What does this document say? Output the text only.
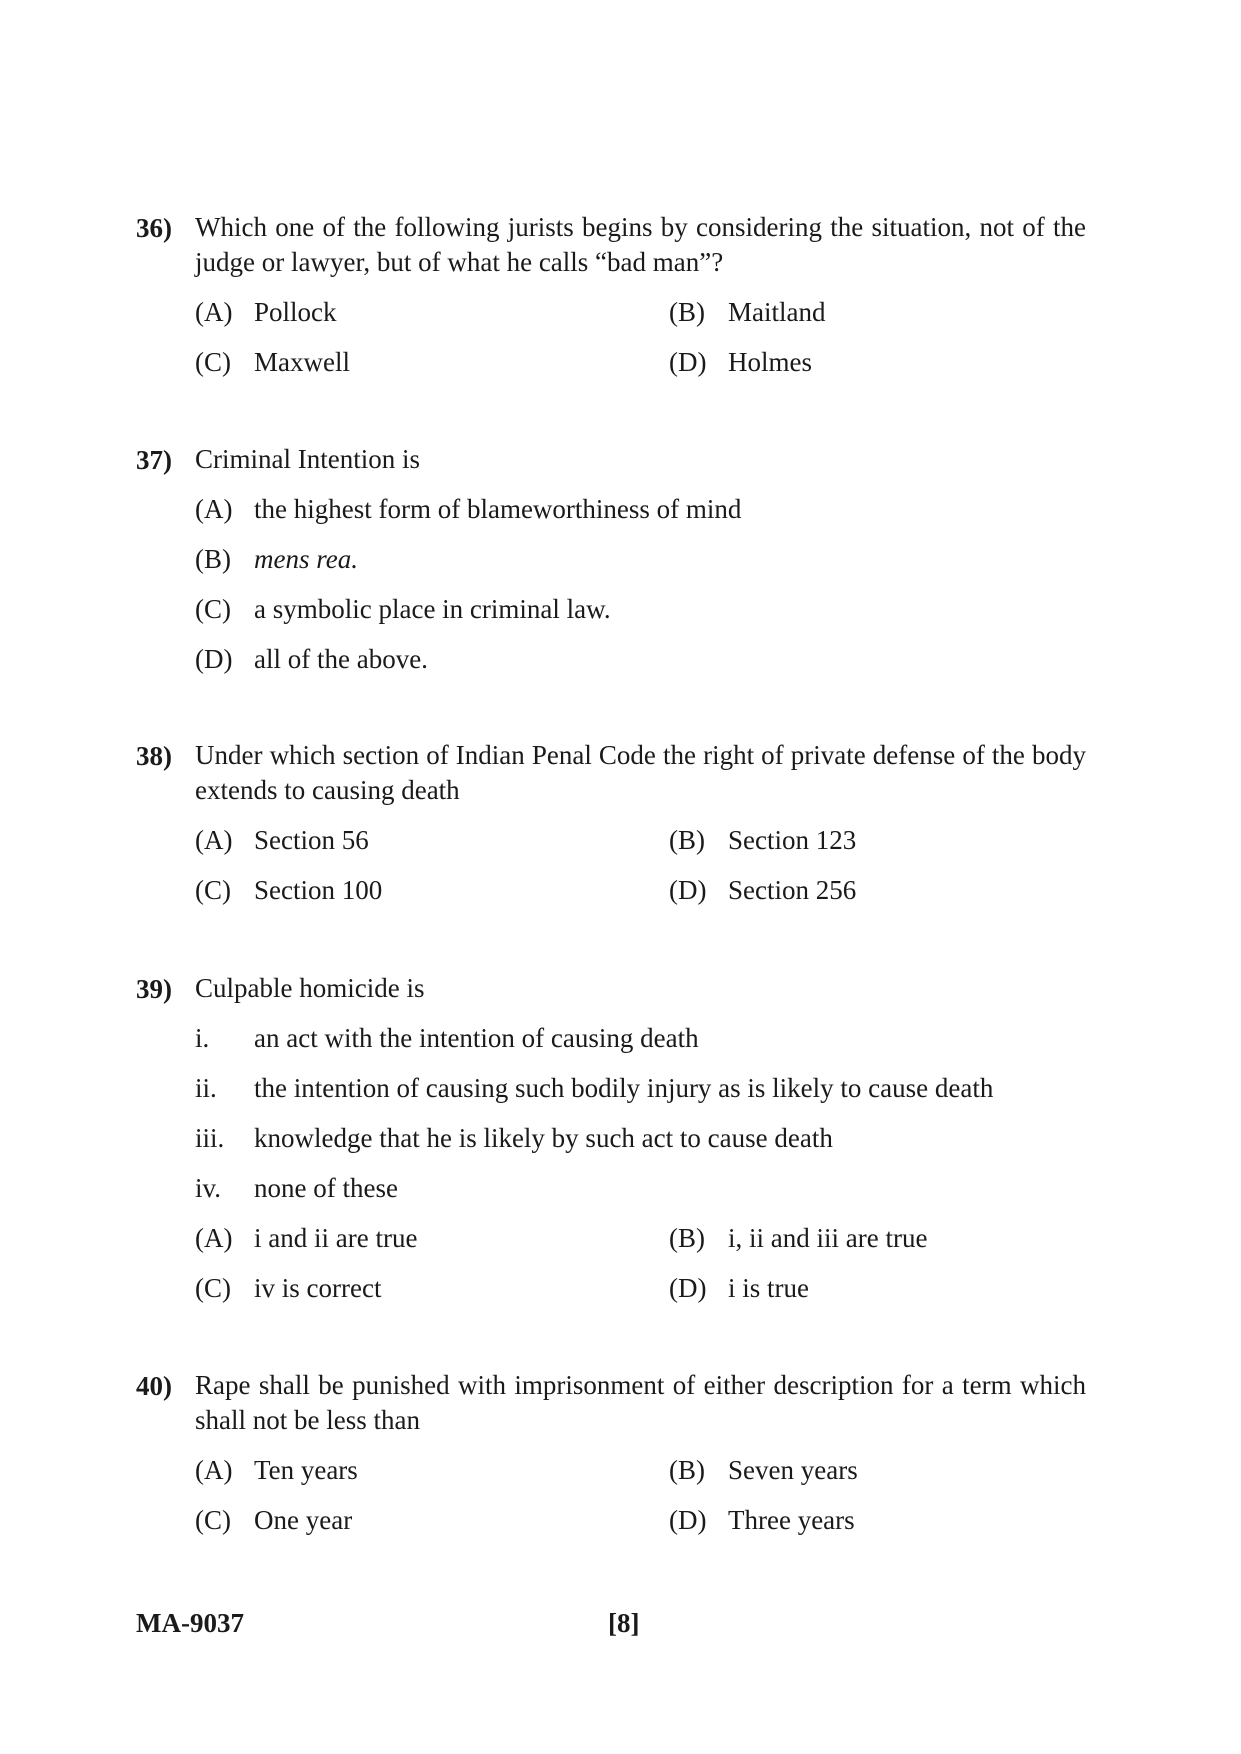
36) Which one of the following jurists begins by considering the situation, not of the judge or lawyer, but of what he calls “bad man”?
(A) Pollock	(B) Maitland
(C) Maxwell	(D) Holmes
37) Criminal Intention is
(A) the highest form of blameworthiness of mind
(B) mens rea.
(C) a symbolic place in criminal law.
(D) all of the above.
38) Under which section of Indian Penal Code the right of private defense of the body extends to causing death
(A) Section 56	(B) Section 123
(C) Section 100	(D) Section 256
39) Culpable homicide is
i.	an act with the intention of causing death
ii.	the intention of causing such bodily injury as is likely to cause death
iii.	knowledge that he is likely by such act to cause death
iv.	none of these
(A) i and ii are true	(B) i, ii and iii are true
(C) iv is correct	(D) i is true
40) Rape shall be punished with imprisonment of either description for a term which shall not be less than
(A) Ten years	(B) Seven years
(C) One year	(D) Three years
MA-9037	[8]
